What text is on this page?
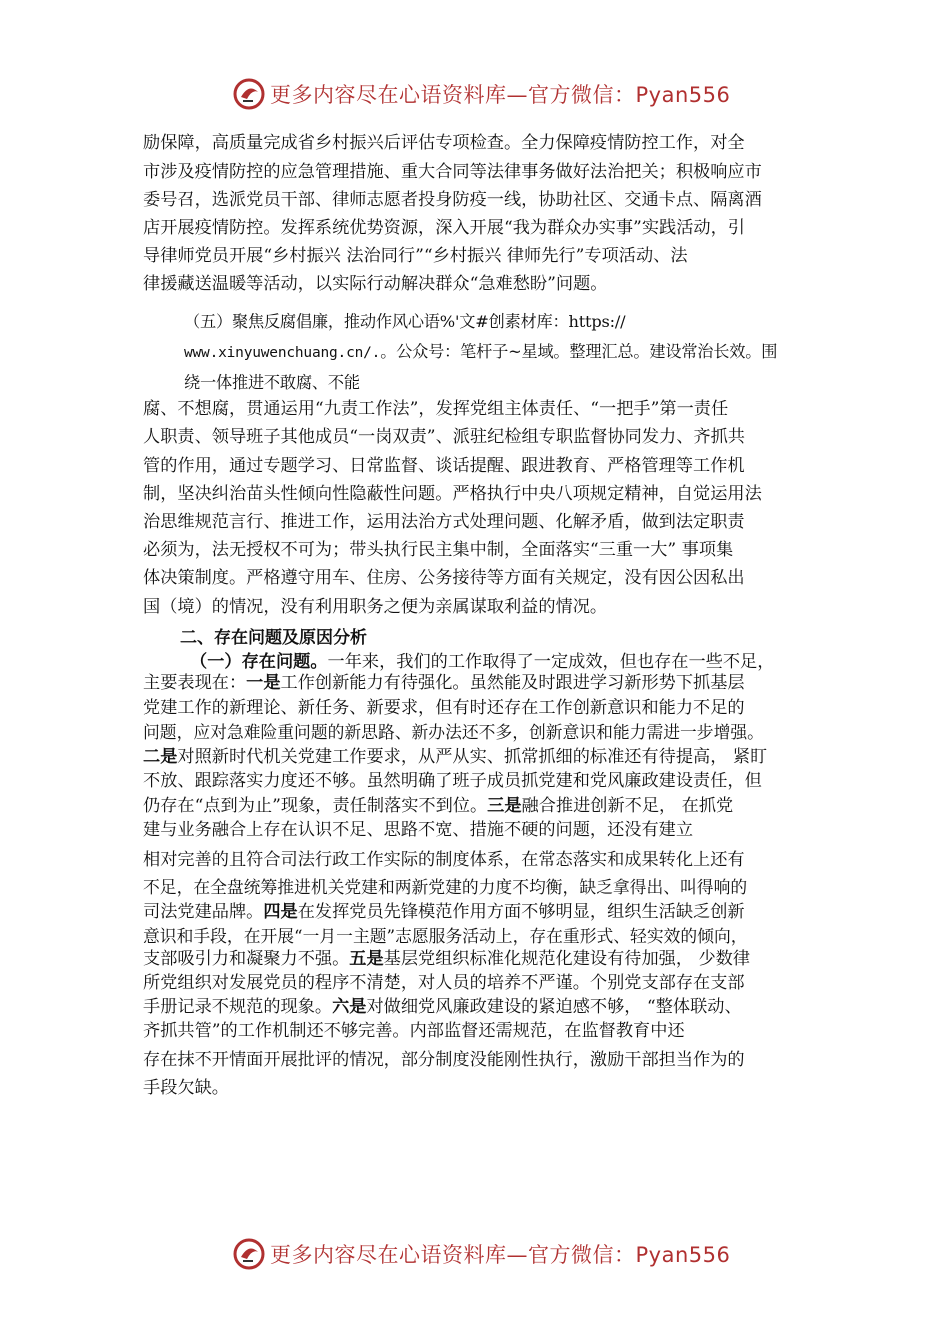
更多内容尽在心语资料库—官方微信：Pyan556
励保障，高质量完成省乡村振兴后评估专项检查。全力保障疫情防控工作，对全
市涉及疫情防控的应急管理措施、重大合同等法律事务做好法治把关；积极响应市
委号召，选派党员干部、律师志愿者投身防疫一线，协助社区、交通卡点、隔离酒
店开展疫情防控。发挥系统优势资源，深入开展“我为群众办实事”实践活动，引
导律师党员开展“乡村振兴 法治同行”“乡村振兴 律师先行”专项活动、法
律援藏送温暖等活动，以实际行动解决群众“急难愁盼”问题。
（五）聚焦反腐倡廉，推动作风心语%'文#创素材库：https://
www.xinyuwenchuang.cn/.。公众号：笔杆子~星域。整理汇总。建设常治长效。围
绕一体推进不敢腐、不能
腐、不想腐，贯通运用“九责工作法”，发挥党组主体责任、“一把手”第一责任
人职责、领导班子其他成员“一岗双责”、派驻纪检组专职监督协同发力、齐抓共
管的作用，通过专题学习、日常监督、谈话提醒、跟进教育、严格管理等工作机
制，坚决纠治苗头性倾向性隐蔽性问题。严格执行中央八项规定精神，自觉运用法
治思维规范言行、推进工作，运用法治方式处理问题、化解矛盾，做到法定职责
必须为，法无授权不可为；带头执行民主集中制，全面落实“三重一大” 事项集
体决策制度。严格遵守用车、住房、公务接待等方面有关规定，没有因公因私出
国（境）的情况，没有利用职务之便为亲属谋取利益的情况。
二、存在问题及原因分析
（一）存在问题。一年来，我们的工作取得了一定成效，但也存在一些不足，
主要表现在：一是工作创新能力有待强化。虽然能及时跟进学习新形势下抓基层
党建工作的新理论、新任务、新要求，但有时还存在工作创新意识和能力不足的
问题，应对急难险重问题的新思路、新办法还不多，创新意识和能力需进一步增强。
二是对照新时代机关党建工作要求，从严从实、抓常抓细的标准还有待提高， 紧盯
不放、跟踪落实力度还不够。虽然明确了班子成员抓党建和党风廉政建设责任，但
仍存在“点到为止”现象，责任制落实不到位。三是融合推进创新不足， 在抓党
建与业务融合上存在认识不足、思路不宽、措施不硬的问题，还没有建立
相对完善的且符合司法行政工作实际的制度体系，在常态落实和成果转化上还有
不足，在全盘统筹推进机关党建和两新党建的力度不均衡，缺乏拿得出、叫得响的
司法党建品牌。四是在发挥党员先锋模范作用方面不够明显，组织生活缺乏创新
意识和手段，在开展“一月一主题”志愿服务活动上，存在重形式、轻实效的倾向，
支部吸引力和凝聚力不强。五是基层党组织标准化规范化建设有待加强， 少数律
所党组织对发展党员的程序不清楚，对人员的培养不严谨。个别党支部存在支部
手册记录不规范的现象。六是对做细党风廉政建设的紧迫感不够， “整体联动、
齐抓共管”的工作机制还不够完善。内部监督还需规范，在监督教育中还
存在抹不开情面开展批评的情况，部分制度没能刚性执行，激励干部担当作为的
手段欠缺。
更多内容尽在心语资料库—官方微信：Pyan556
